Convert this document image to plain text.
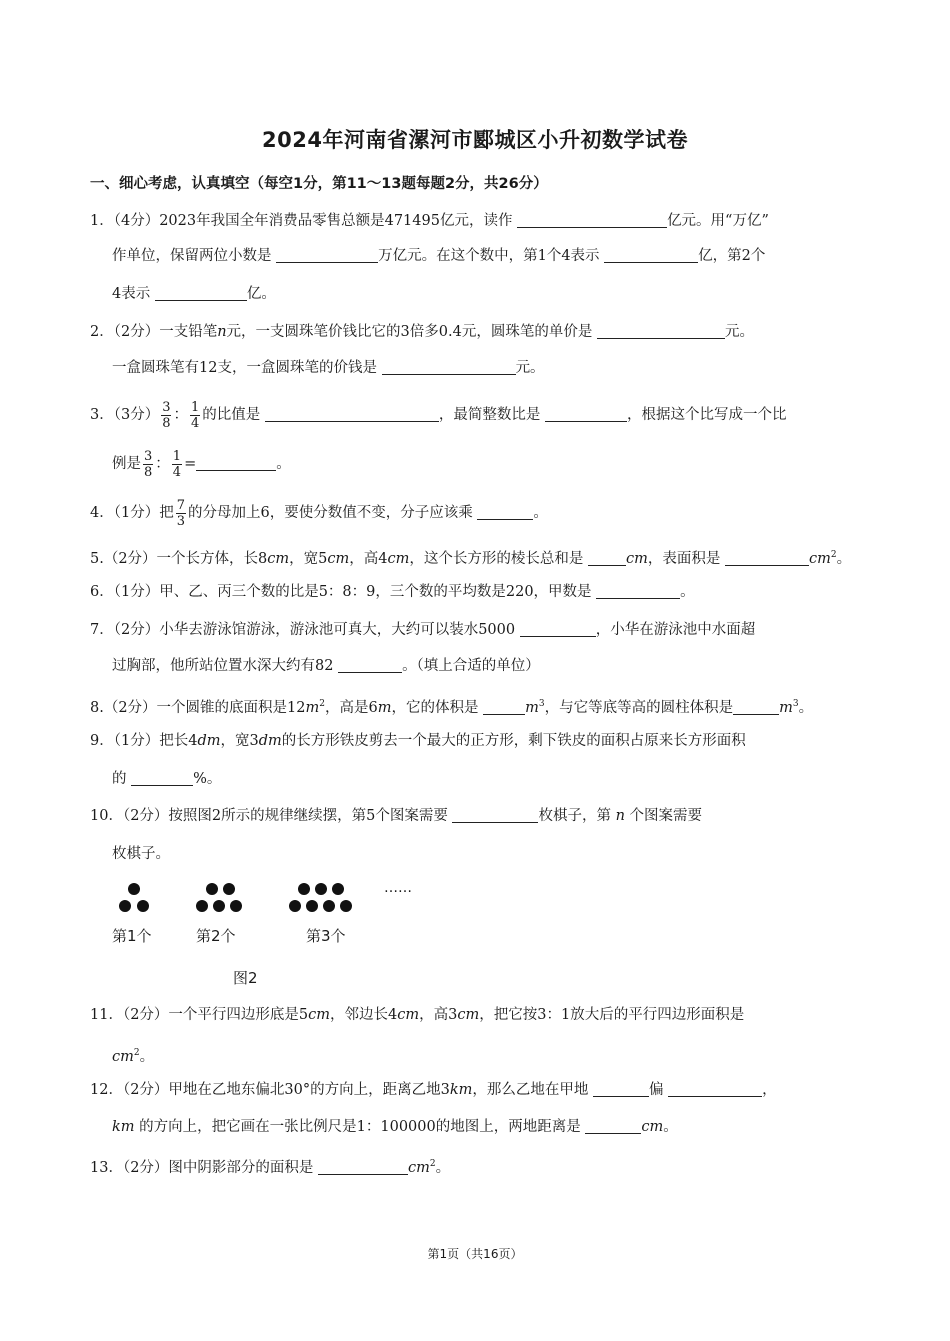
2024年河南省漯河市郾城区小升初数学试卷
一、细心考虑，认真填空（每空1分，第11～13题每题2分，共26分）
1．（4分）2023年我国全年消费品零售总额是471495亿元，读作	亿元。用“万亿”
作单位，保留两位小数是	万亿元。在这个数中，第1个4表示	亿，第2个
4表示	亿。
2．（2分）一支铅笔n元，一支圆珠笔价钱比它的3倍多0.4元，圆珠笔的单价是	元。
一盒圆珠笔有12支，一盒圆珠笔的价钱是	元。
3．（3分） $\frac{3}{8}$ ： $\frac{1}{4}$ 的比值是	，最简整数比是	，根据这个比写成一个比
例是 $\frac{3}{8}$ ： $\frac{1}{4}$ =	。
4．（1分）把 $\frac{7}{3}$ 的分母加上6，要使分数值不变，分子应该乘	。
5.（2分）一个长方体，长8cm，宽5cm，高4cm，这个长方形的棱长总和是	cm，表面积是	$cm^2$。
6．（1分）甲、乙、丙三个数的比是5：8：9，三个数的平均数是220，甲数是	。
7．（2分）小华去游泳馆游泳，游泳池可真大，大约可以装水5000	，小华在游泳池中水面超
过胸部，他所站位置水深大约有82	。（填上合适的单位）
8.（2分）一个圆锥的底面积是$12m^2$，高是6m，它的体积是	$m^3$，与它等底等高的圆柱体积是	$m^3$。
9．（1分）把长4dm，宽3dm的长方形铁皮剪去一个最大的正方形，剩下铁皮的面积占原来长方形面积
的	%。
10．（2分）按照图2所示的规律继续摆，第5个图案需要	枚棋子，第 n 个图案需要
枚棋子。
……
第1个	第2个	第3个
图2
11．（2分）一个平行四边形底是5cm，邻边长4cm，高3cm，把它按3：1放大后的平行四边形面积是
$cm^2$。
12．（2分）甲地在乙地东偏北30°的方向上，距离乙地3km，那么乙地在甲地	偏	，
km 的方向上，把它画在一张比例尺是1：100000的地图上，两地距离是	cm。
13．（2分）图中阴影部分的面积是	$cm^2$。
第1页（共16页）
